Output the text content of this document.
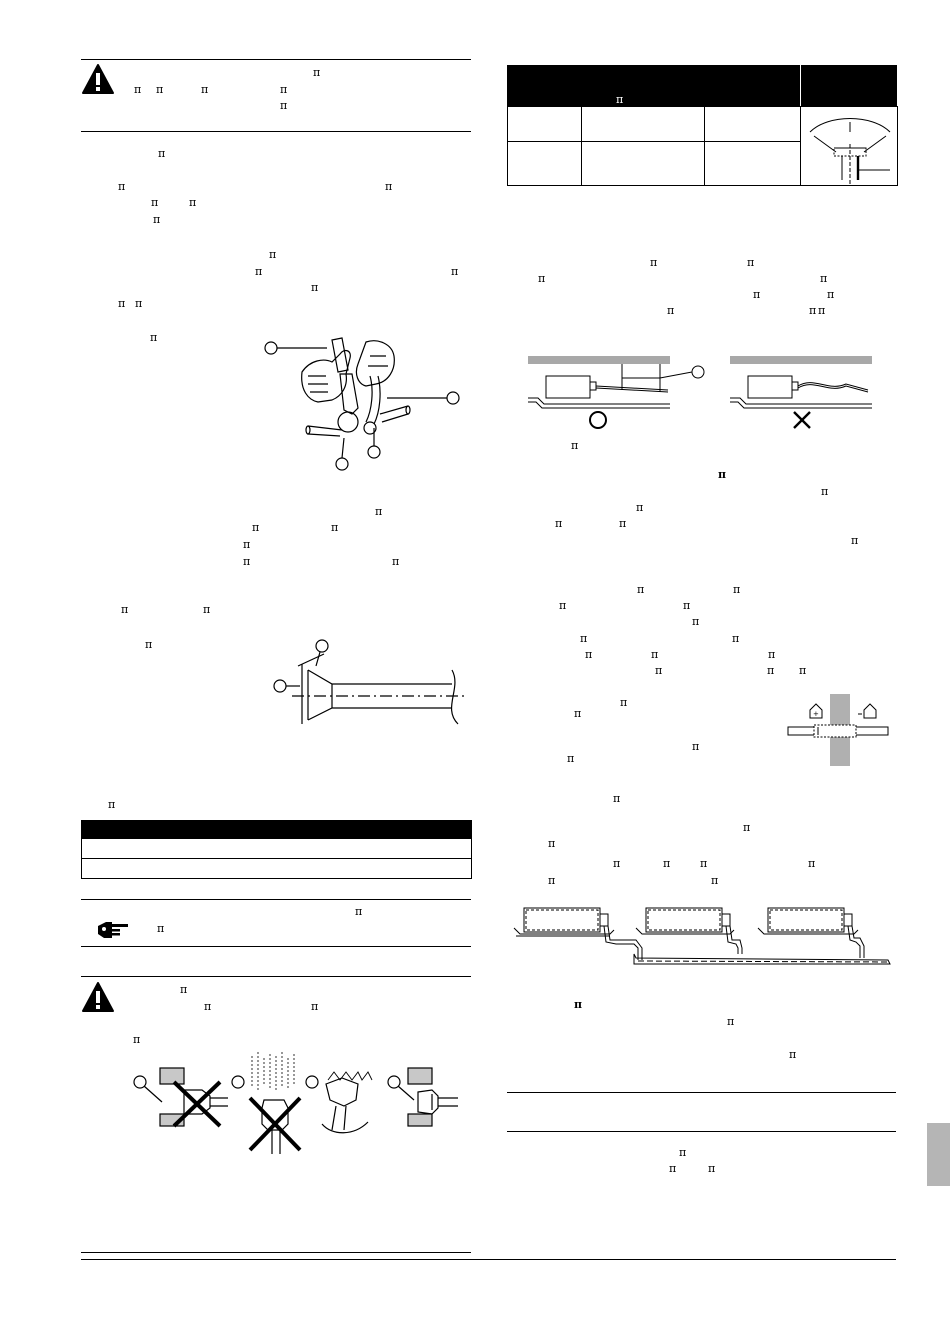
π
π π	π	π
π
π
π	π
π	π
π
π
π	π
π
π π
π
π
π	π
π
π	π
π	π
π
π
π
π
π
π	π
π
π
π	π
π	π
π	π
π	π π
π
π
π
π
π	π
π
π	π
π	π
π
π	π
π	π	π
π	π π
π
π
π
π
π
π
π
π	π	π	π
π	π
+
π
π
π
π
π	π
